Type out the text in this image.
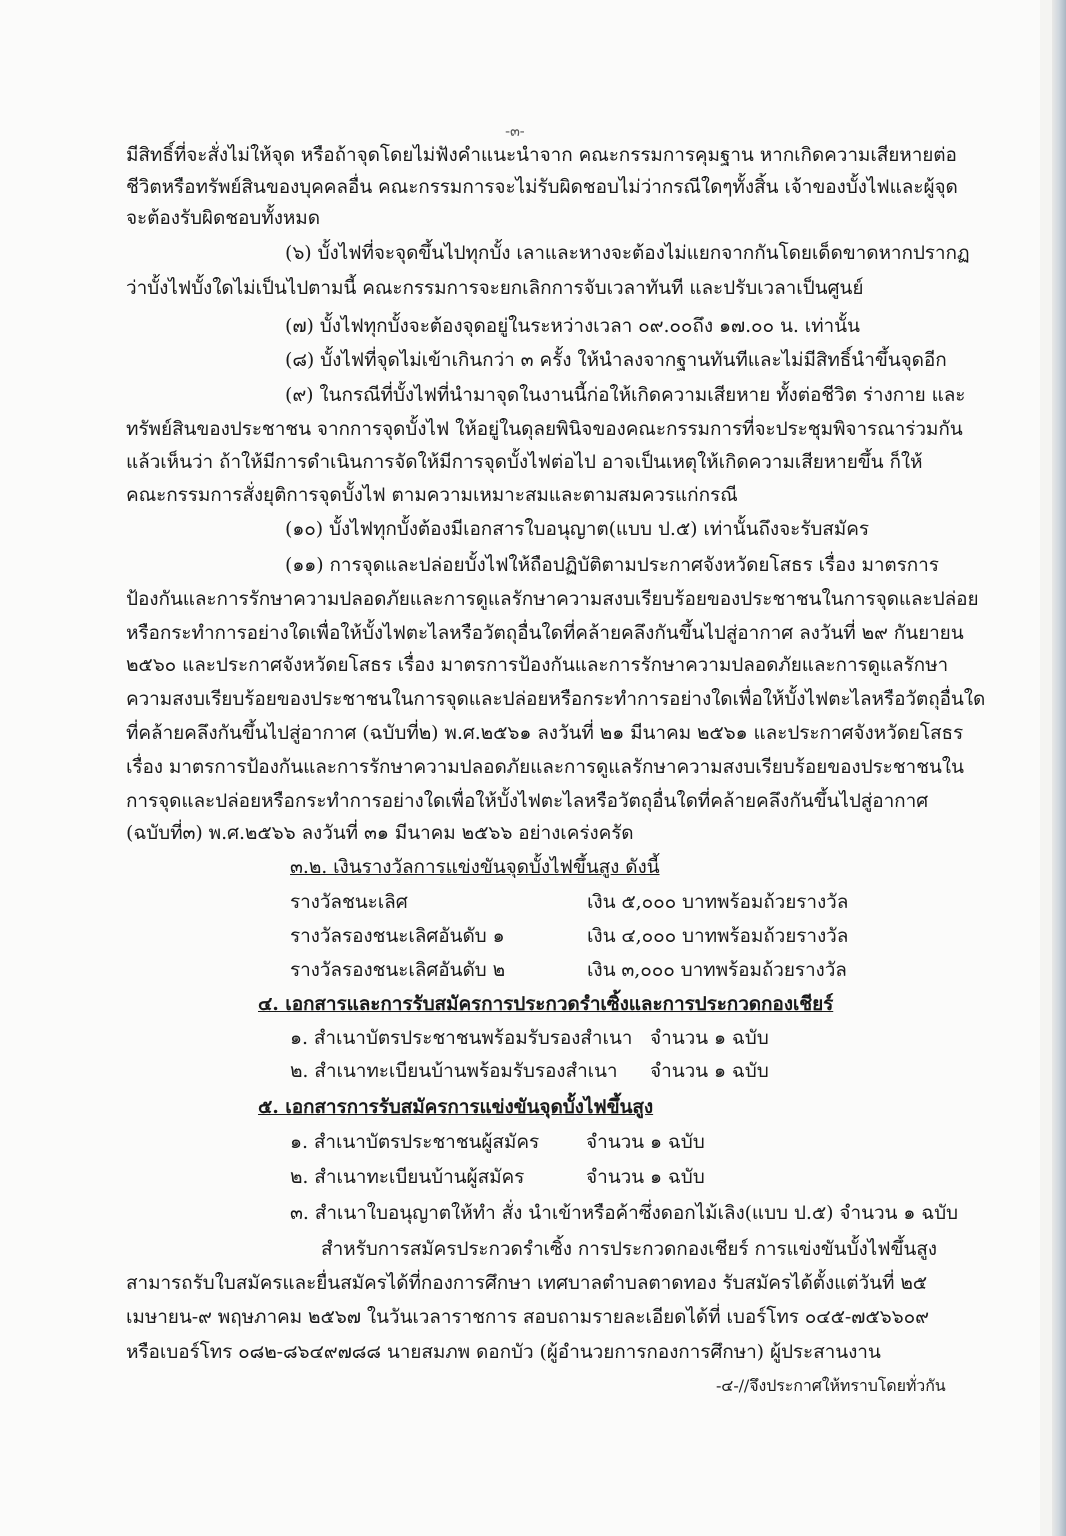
-๓-
มีสิทธิ์ที่จะสั่งไม่ให้จุด หรือถ้าจุดโดยไม่ฟังคำแนะนำจาก คณะกรรมการคุมฐาน หากเกิดความเสียหายต่อ
ชีวิตหรือทรัพย์สินของบุคคลอื่น คณะกรรมการจะไม่รับผิดชอบไม่ว่ากรณีใดๆทั้งสิ้น เจ้าของบั้งไฟและผู้จุด
จะต้องรับผิดชอบทั้งหมด
(๖) บั้งไฟที่จะจุดขึ้นไปทุกบั้ง เลาและหางจะต้องไม่แยกจากกันโดยเด็ดขาดหากปรากฏ
ว่าบั้งไฟบั้งใดไม่เป็นไปตามนี้ คณะกรรมการจะยกเลิกการจับเวลาทันที และปรับเวลาเป็นศูนย์
(๗) บั้งไฟทุกบั้งจะต้องจุดอยู่ในระหว่างเวลา ๐๙.๐๐ถึง ๑๗.๐๐ น. เท่านั้น
(๘) บั้งไฟที่จุดไม่เข้าเกินกว่า ๓ ครั้ง ให้นำลงจากฐานทันทีและไม่มีสิทธิ์นำขึ้นจุดอีก
(๙) ในกรณีที่บั้งไฟที่นำมาจุดในงานนี้ก่อให้เกิดความเสียหาย ทั้งต่อชีวิต ร่างกาย และ
ทรัพย์สินของประชาชน จากการจุดบั้งไฟ ให้อยู่ในดุลยพินิจของคณะกรรมการที่จะประชุมพิจารณาร่วมกัน
แล้วเห็นว่า ถ้าให้มีการดำเนินการจัดให้มีการจุดบั้งไฟต่อไป อาจเป็นเหตุให้เกิดความเสียหายขึ้น ก็ให้
คณะกรรมการสั่งยุติการจุดบั้งไฟ ตามความเหมาะสมและตามสมควรแก่กรณี
(๑๐) บั้งไฟทุกบั้งต้องมีเอกสารใบอนุญาต(แบบ ป.๕) เท่านั้นถึงจะรับสมัคร
(๑๑) การจุดและปล่อยบั้งไฟให้ถือปฏิบัติตามประกาศจังหวัดยโสธร เรื่อง มาตรการ
ป้องกันและการรักษาความปลอดภัยและการดูแลรักษาความสงบเรียบร้อยของประชาชนในการจุดและปล่อย
หรือกระทำการอย่างใดเพื่อให้บั้งไฟตะไลหรือวัตถุอื่นใดที่คล้ายคลึงกันขึ้นไปสู่อากาศ ลงวันที่ ๒๙ กันยายน
๒๕๖๐ และประกาศจังหวัดยโสธร เรื่อง มาตรการป้องกันและการรักษาความปลอดภัยและการดูแลรักษา
ความสงบเรียบร้อยของประชาชนในการจุดและปล่อยหรือกระทำการอย่างใดเพื่อให้บั้งไฟตะไลหรือวัตถุอื่นใด
ที่คล้ายคลึงกันขึ้นไปสู่อากาศ (ฉบับที่๒) พ.ศ.๒๕๖๑ ลงวันที่ ๒๑ มีนาคม ๒๕๖๑ และประกาศจังหวัดยโสธร
เรื่อง มาตรการป้องกันและการรักษาความปลอดภัยและการดูแลรักษาความสงบเรียบร้อยของประชาชนใน
การจุดและปล่อยหรือกระทำการอย่างใดเพื่อให้บั้งไฟตะไลหรือวัตถุอื่นใดที่คล้ายคลึงกันขึ้นไปสู่อากาศ
(ฉบับที่๓) พ.ศ.๒๕๖๖ ลงวันที่ ๓๑ มีนาคม ๒๕๖๖ อย่างเคร่งครัด
๓.๒. เงินรางวัลการแข่งขันจุดบั้งไฟขึ้นสูง ดังนี้
รางวัลชนะเลิศ	เงิน ๕,๐๐๐ บาทพร้อมถ้วยรางวัล
รางวัลรองชนะเลิศอันดับ ๑	เงิน ๔,๐๐๐ บาทพร้อมถ้วยรางวัล
รางวัลรองชนะเลิศอันดับ ๒	เงิน ๓,๐๐๐ บาทพร้อมถ้วยรางวัล
๔. เอกสารและการรับสมัครการประกวดรำเซิ้งและการประกวดกองเชียร์
๑. สำเนาบัตรประชาชนพร้อมรับรองสำเนา จำนวน ๑ ฉบับ
๒. สำเนาทะเบียนบ้านพร้อมรับรองสำเนา จำนวน ๑ ฉบับ
๕. เอกสารการรับสมัครการแข่งขันจุดบั้งไฟขึ้นสูง
๑. สำเนาบัตรประชาชนผู้สมัคร จำนวน ๑ ฉบับ
๒. สำเนาทะเบียนบ้านผู้สมัคร	จำนวน ๑ ฉบับ
๓. สำเนาใบอนุญาตให้ทำ สั่ง นำเข้าหรือค้าซึ่งดอกไม้เลิง(แบบ ป.๕) จำนวน ๑ ฉบับ
สำหรับการสมัครประกวดรำเซิ้ง การประกวดกองเชียร์ การแข่งขันบั้งไฟขึ้นสูง
สามารถรับใบสมัครและยื่นสมัครได้ที่กองการศึกษา เทศบาลตำบลตาดทอง รับสมัครได้ตั้งแต่วันที่ ๒๕
เมษายน-๙ พฤษภาคม ๒๕๖๗ ในวันเวลาราชการ สอบถามรายละเอียดได้ที่ เบอร์โทร ๐๔๕-๗๕๖๖๐๙
หรือเบอร์โทร ๐๘๒-๘๖๔๙๗๘๘ นายสมภพ ดอกบัว (ผู้อำนวยการกองการศึกษา) ผู้ประสานงาน
-๔-//จึงประกาศให้ทราบโดยทั่วกัน
